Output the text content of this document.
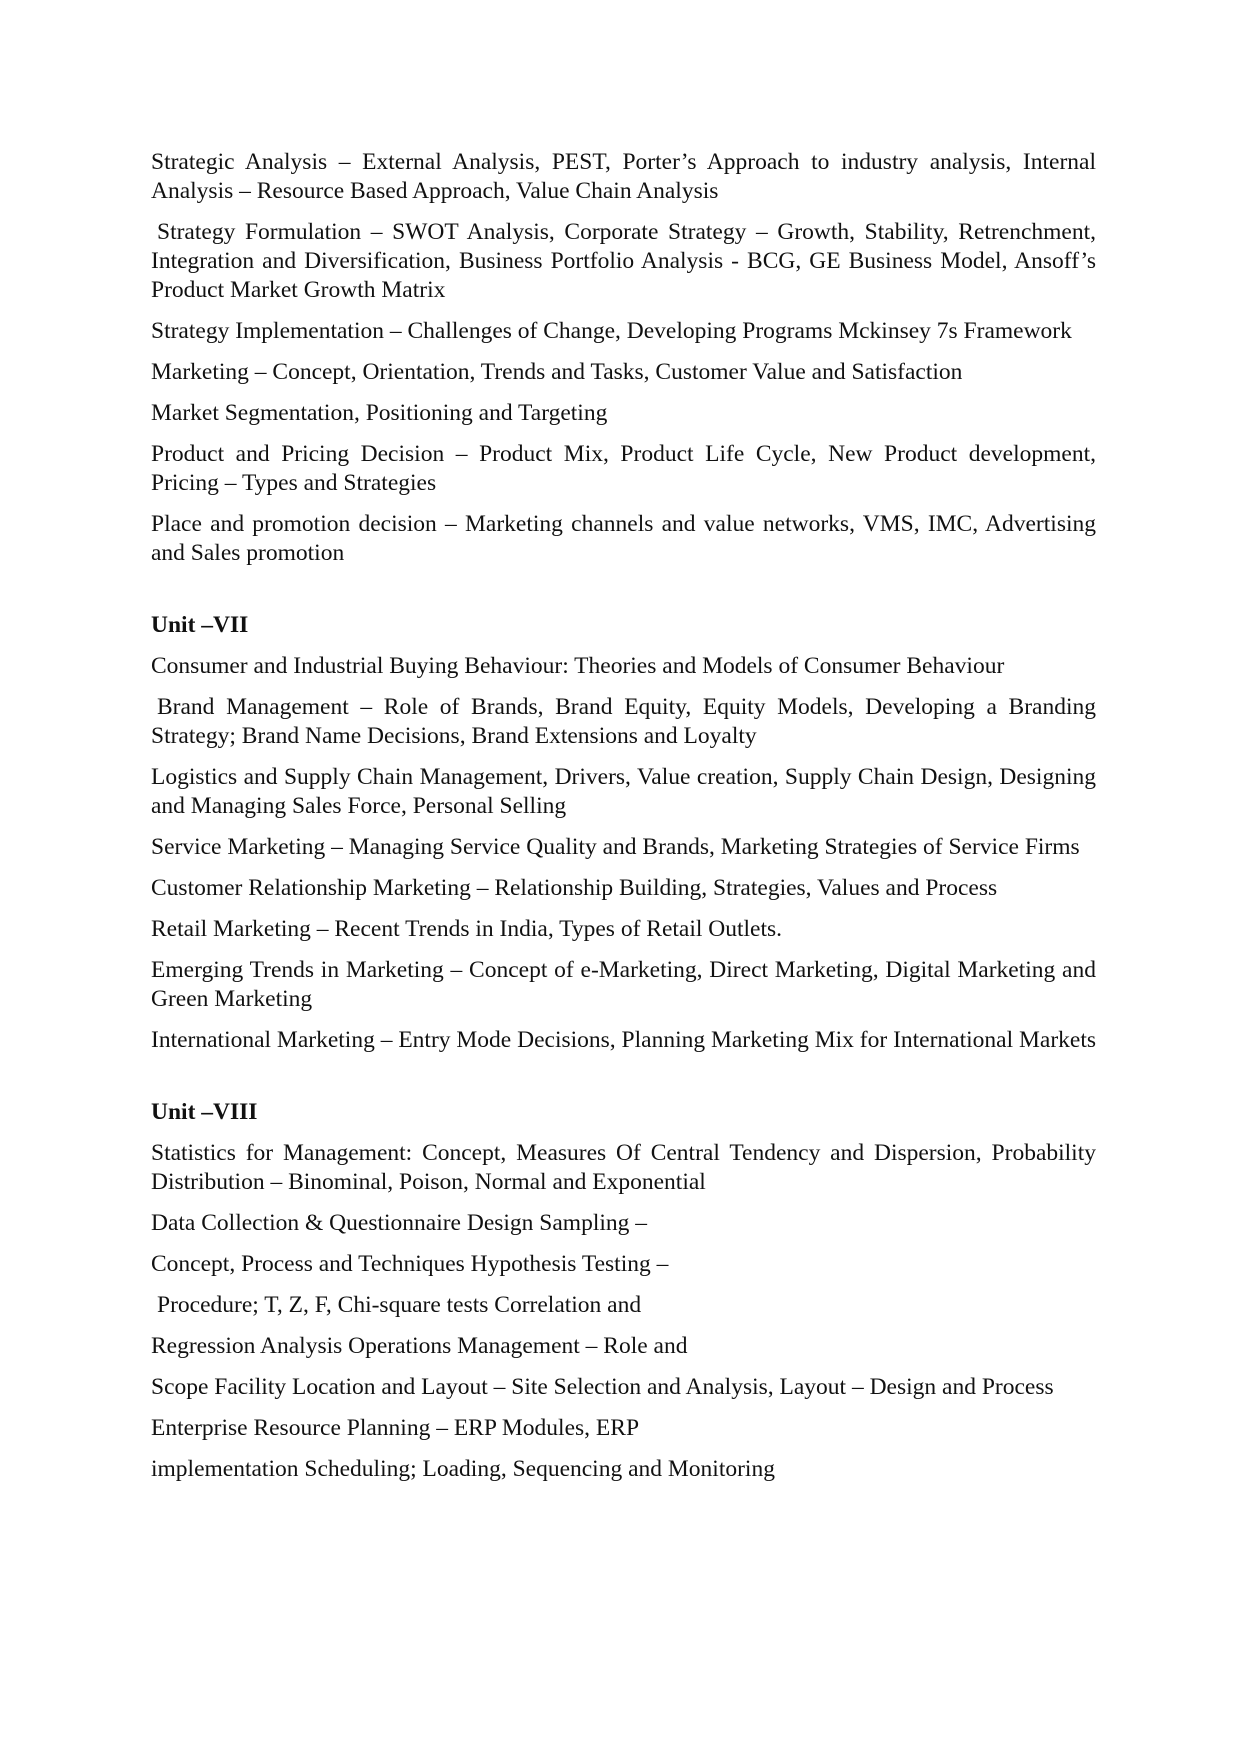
Strategic Analysis – External Analysis, PEST, Porter’s Approach to industry analysis, Internal Analysis – Resource Based Approach, Value Chain Analysis

Strategy Formulation – SWOT Analysis, Corporate Strategy – Growth, Stability, Retrenchment, Integration and Diversification, Business Portfolio Analysis - BCG, GE Business Model, Ansoff’s Product Market Growth Matrix

Strategy Implementation – Challenges of Change, Developing Programs Mckinsey 7s Framework

Marketing – Concept, Orientation, Trends and Tasks, Customer Value and Satisfaction

Market Segmentation, Positioning and Targeting

Product and Pricing Decision – Product Mix, Product Life Cycle, New Product development, Pricing – Types and Strategies

Place and promotion decision – Marketing channels and value networks, VMS, IMC, Advertising and Sales promotion

Unit –VII

Consumer and Industrial Buying Behaviour: Theories and Models of Consumer Behaviour

Brand Management – Role of Brands, Brand Equity, Equity Models, Developing a Branding Strategy; Brand Name Decisions, Brand Extensions and Loyalty

Logistics and Supply Chain Management, Drivers, Value creation, Supply Chain Design, Designing and Managing Sales Force, Personal Selling

Service Marketing – Managing Service Quality and Brands, Marketing Strategies of Service Firms

Customer Relationship Marketing – Relationship Building, Strategies, Values and Process

Retail Marketing – Recent Trends in India, Types of Retail Outlets.

Emerging Trends in Marketing – Concept of e-Marketing, Direct Marketing, Digital Marketing and Green Marketing

International Marketing – Entry Mode Decisions, Planning Marketing Mix for International Markets

Unit –VIII

Statistics for Management: Concept, Measures Of Central Tendency and Dispersion, Probability Distribution – Binominal, Poison, Normal and Exponential

Data Collection & Questionnaire Design Sampling –

Concept, Process and Techniques Hypothesis Testing –

Procedure; T, Z, F, Chi-square tests Correlation and

Regression Analysis Operations Management – Role and

Scope Facility Location and Layout – Site Selection and Analysis, Layout – Design and Process

Enterprise Resource Planning – ERP Modules, ERP

implementation Scheduling; Loading, Sequencing and Monitoring
